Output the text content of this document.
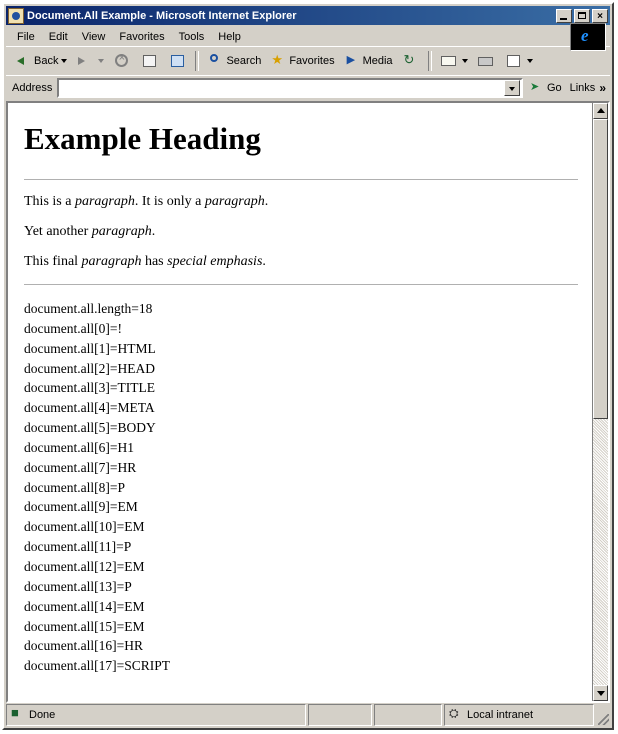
Document.All Example - Microsoft Internet Explorer	×
File	Edit	View	Favorites	Tools	Help
e
Back ×	Search ★	Favorites ▶	Media
↻
Address ➤	Go Links »
Example Heading

This is a paragraph. It is only a paragraph.

Yet another paragraph.

This final paragraph has special emphasis.

document.all.length=18
document.all[0]=!
document.all[1]=HTML
document.all[2]=HEAD
document.all[3]=TITLE
document.all[4]=META
document.all[5]=BODY
document.all[6]=H1
document.all[7]=HR
document.all[8]=P
document.all[9]=EM
document.all[10]=EM
document.all[11]=P
document.all[12]=EM
document.all[13]=P
document.all[14]=EM
document.all[15]=EM
document.all[16]=HR
document.all[17]=SCRIPT
■
Done ⛭	Local intranet
